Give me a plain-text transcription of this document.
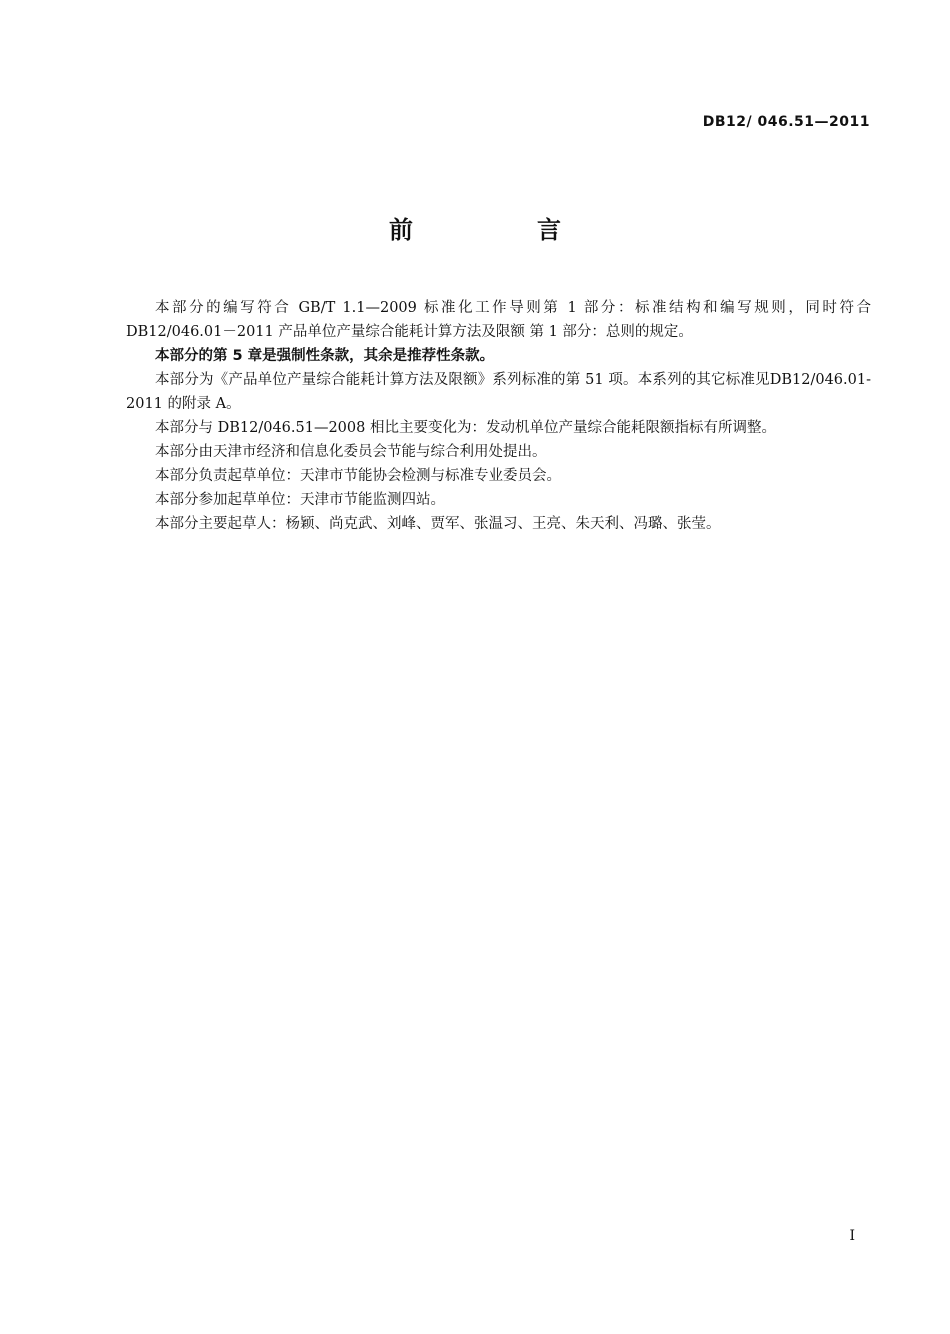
DB12/ 046.51—2011
前　言

本部分的编写符合 GB/T 1.1—2009 标准化工作导则第 1 部分：标准结构和编写规则，同时符合DB12/046.01－2011 产品单位产量综合能耗计算方法及限额 第 1 部分：总则的规定。

本部分的第 5 章是强制性条款，其余是推荐性条款。

本部分为《产品单位产量综合能耗计算方法及限额》系列标准的第 51 项。本系列的其它标准见DB12/046.01-2011 的附录 A。

本部分与 DB12/046.51—2008 相比主要变化为：发动机单位产量综合能耗限额指标有所调整。

本部分由天津市经济和信息化委员会节能与综合利用处提出。

本部分负责起草单位：天津市节能协会检测与标准专业委员会。

本部分参加起草单位：天津市节能监测四站。

本部分主要起草人：杨颖、尚克武、刘峰、贾军、张温习、王亮、朱天利、冯璐、张莹。

I
